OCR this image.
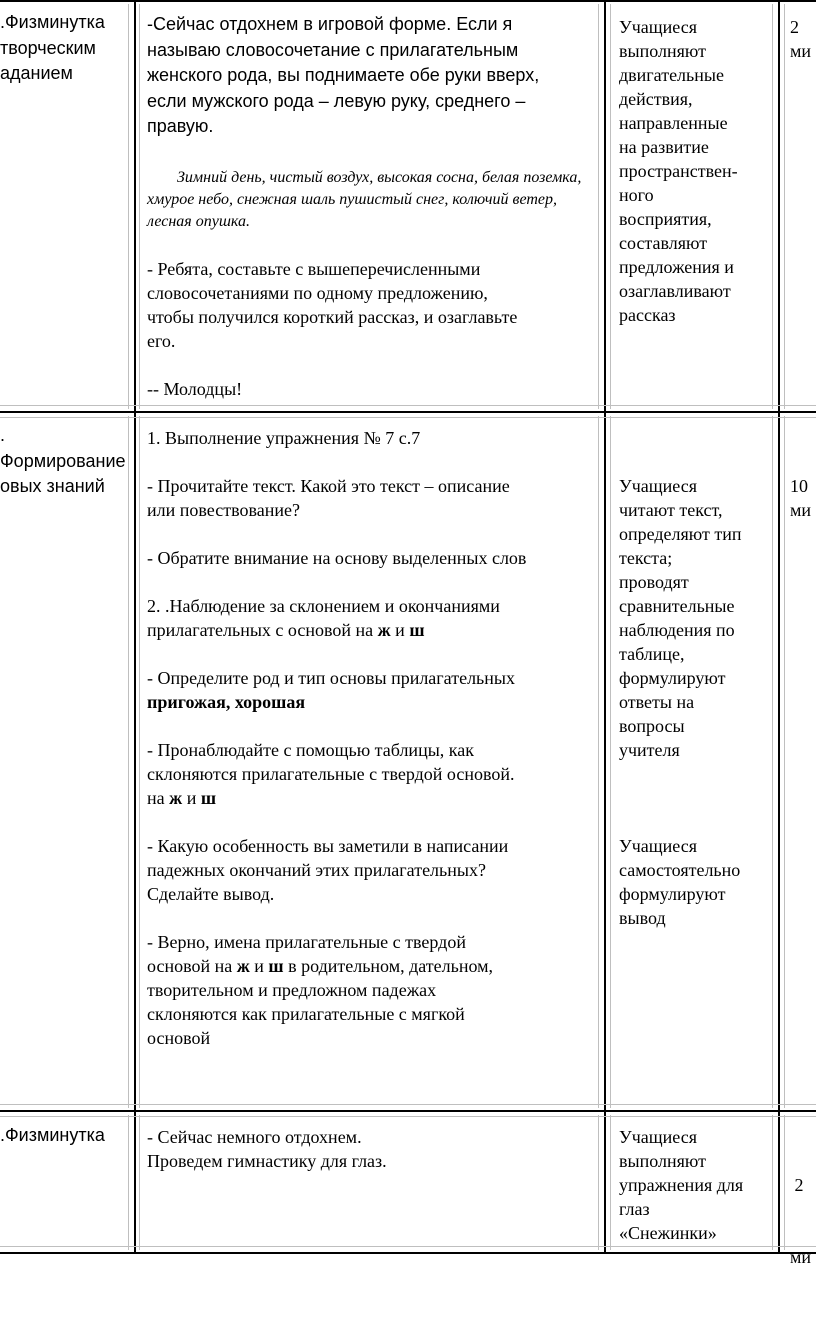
.Физминутка
творческим
аданием
-Сейчас отдохнем в игровой форме. Если я
называю словосочетание с прилагательным
женского рода, вы поднимаете обе руки вверх,
если мужского рода – левую руку, среднего –
правую.
Зимний день, чистый воздух, высокая сосна, белая поземка, хмурое небо, снежная шаль пушистый снег, колючий ветер, лесная опушка.
- Ребята, составьте с вышеперечисленными
словосочетаниями по одному предложению,
чтобы получился короткий рассказ, и озаглавьте
его.
-- Молодцы!
Учащиеся
выполняют
двигательные
действия,
направленные
на развитие
пространствен-
ного
восприятия,
составляют
предложения и
озаглавливают
рассказ
2
ми
.
Формирование
овых знаний
1. Выполнение упражнения № 7 с.7
- Прочитайте текст. Какой это текст – описание
или повествование?
- Обратите внимание на основу выделенных слов
2. .Наблюдение за склонением и окончаниями
прилагательных с основой на ж и ш
- Определите род и тип основы прилагательных
пригожая, хорошая
- Пронаблюдайте с помощью таблицы, как
склоняются прилагательные с твердой основой.
на ж и ш
- Какую особенность вы заметили в написании
падежных окончаний этих прилагательных?
Сделайте вывод.
- Верно, имена прилагательные с твердой
основой на ж и ш в родительном, дательном,
творительном и предложном падежах
склоняются как прилагательные с мягкой
основой
Учащиеся
читают текст,
определяют тип
текста;
проводят
сравнительные
наблюдения по
таблице,
формулируют
ответы на
вопросы
учителя
Учащиеся
самостоятельно
формулируют
вывод
10
ми
.Физминутка	- Сейчас немного отдохнем.
Проведем гимнастику для глаз.
Учащиеся
выполняют
упражнения для
глаз
«Снежинки»

2

ми
